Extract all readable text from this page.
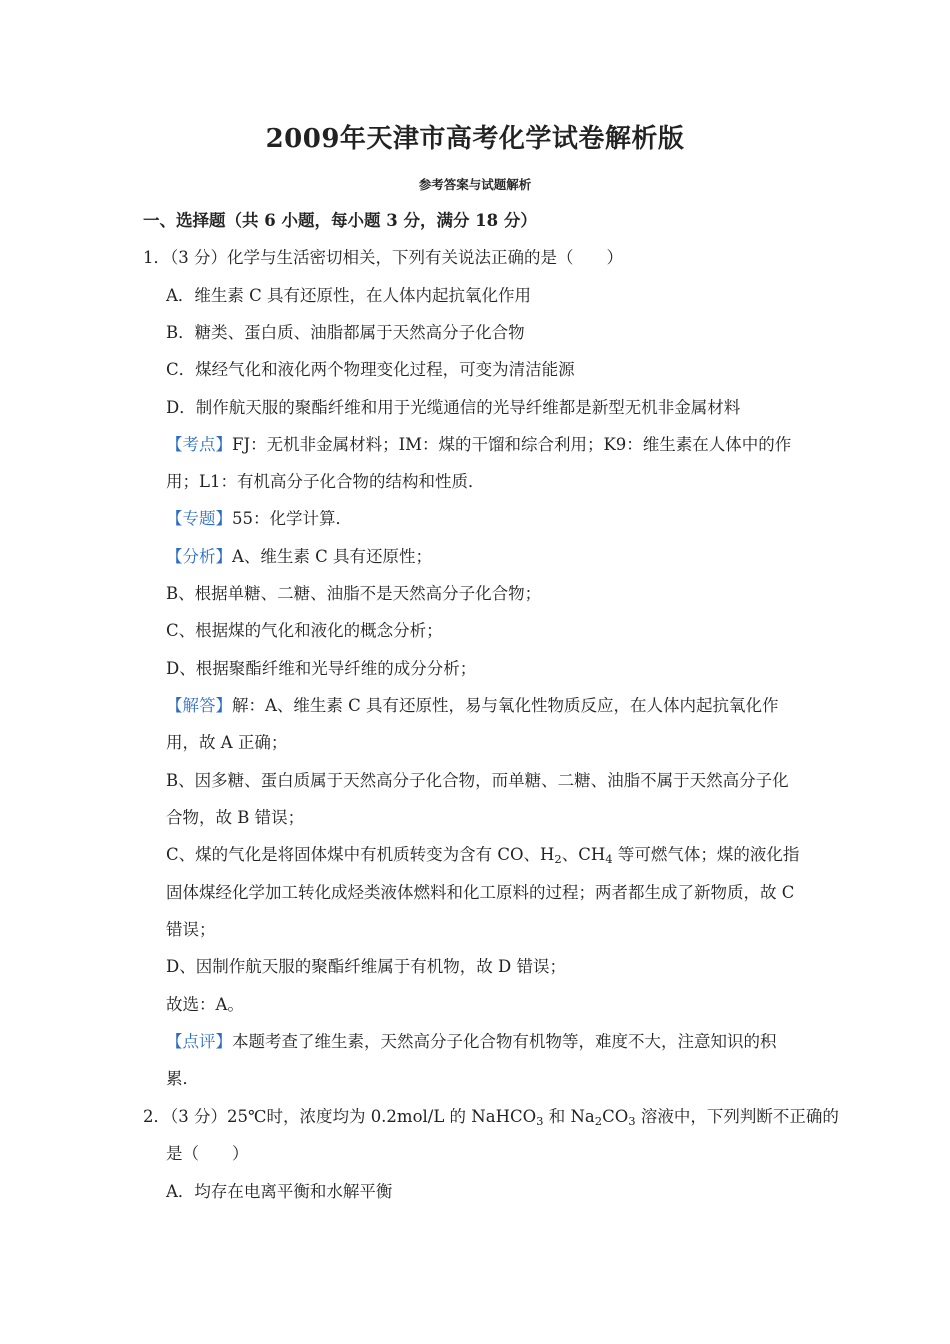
2009年天津市高考化学试卷解析版
参考答案与试题解析
一、选择题（共 6 小题，每小题 3 分，满分 18 分）
1．（3 分）化学与生活密切相关，下列有关说法正确的是（　　）
A．维生素 C 具有还原性，在人体内起抗氧化作用
B．糖类、蛋白质、油脂都属于天然高分子化合物
C．煤经气化和液化两个物理变化过程，可变为清洁能源
D．制作航天服的聚酯纤维和用于光缆通信的光导纤维都是新型无机非金属材料
【考点】FJ：无机非金属材料；IM：煤的干馏和综合利用；K9：维生素在人体中的作
用；L1：有机高分子化合物的结构和性质．
【专题】55：化学计算．
【分析】A、维生素 C 具有还原性；
B、根据单糖、二糖、油脂不是天然高分子化合物；
C、根据煤的气化和液化的概念分析；
D、根据聚酯纤维和光导纤维的成分分析；
【解答】解：A、维生素 C 具有还原性，易与氧化性物质反应，在人体内起抗氧化作
用，故 A 正确；
B、因多糖、蛋白质属于天然高分子化合物，而单糖、二糖、油脂不属于天然高分子化
合物，故 B 错误；
C、煤的气化是将固体煤中有机质转变为含有 CO、$H_2$、$CH_4$ 等可燃气体；煤的液化指
固体煤经化学加工转化成烃类液体燃料和化工原料的过程；两者都生成了新物质，故 C
错误；
D、因制作航天服的聚酯纤维属于有机物，故 D 错误；
故选：A。
【点评】本题考查了维生素，天然高分子化合物有机物等，难度不大，注意知识的积
累．
2．（3 分）25℃时，浓度均为 0.2mol/L 的 NaHCO$_3$ 和 $Na_2CO_3$ 溶液中，下列判断不正确的
是（　　）
A．均存在电离平衡和水解平衡
